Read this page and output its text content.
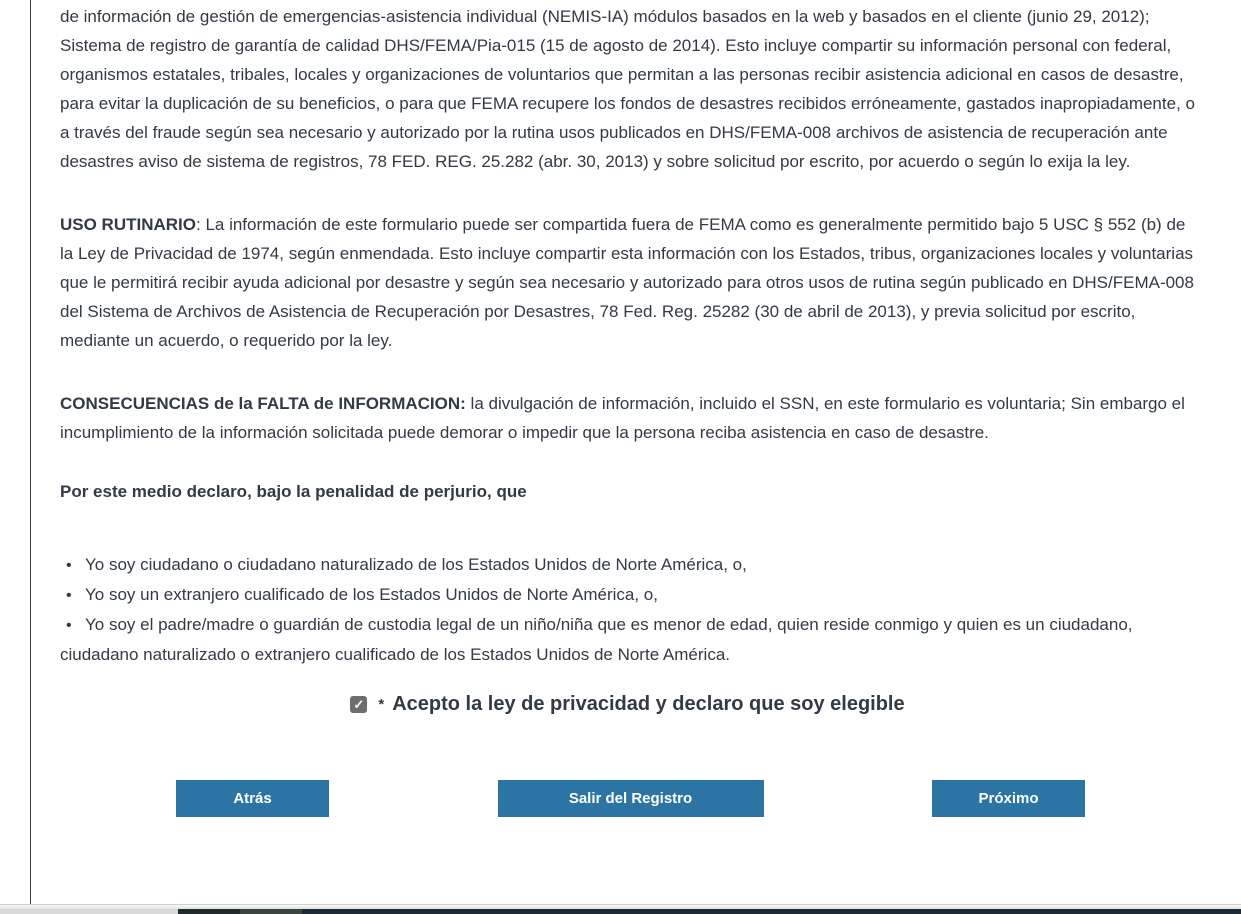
de información de gestión de emergencias-asistencia individual (NEMIS-IA) módulos basados en la web y basados en el cliente (junio 29, 2012); Sistema de registro de garantía de calidad DHS/FEMA/Pia-015 (15 de agosto de 2014). Esto incluye compartir su información personal con federal, organismos estatales, tribales, locales y organizaciones de voluntarios que permitan a las personas recibir asistencia adicional en casos de desastre, para evitar la duplicación de su beneficios, o para que FEMA recupere los fondos de desastres recibidos erróneamente, gastados inapropiadamente, o a través del fraude según sea necesario y autorizado por la rutina usos publicados en DHS/FEMA-008 archivos de asistencia de recuperación ante desastres aviso de sistema de registros, 78 FED. REG. 25.282 (abr. 30, 2013) y sobre solicitud por escrito, por acuerdo o según lo exija la ley.

USO RUTINARIO: La información de este formulario puede ser compartida fuera de FEMA como es generalmente permitido bajo 5 USC § 552 (b) de la Ley de Privacidad de 1974, según enmendada. Esto incluye compartir esta información con los Estados, tribus, organizaciones locales y voluntarias que le permitirá recibir ayuda adicional por desastre y según sea necesario y autorizado para otros usos de rutina según publicado en DHS/FEMA-008 del Sistema de Archivos de Asistencia de Recuperación por Desastres, 78 Fed. Reg. 25282 (30 de abril de 2013), y previa solicitud por escrito, mediante un acuerdo, o requerido por la ley.

CONSECUENCIAS de la FALTA de INFORMACION: la divulgación de información, incluido el SSN, en este formulario es voluntaria; Sin embargo el incumplimiento de la información solicitada puede demorar o impedir que la persona reciba asistencia en caso de desastre.

Por este medio declaro, bajo la penalidad de perjurio, que
• Yo soy ciudadano o ciudadano naturalizado de los Estados Unidos de Norte América, o,
• Yo soy un extranjero cualificado de los Estados Unidos de Norte América, o,
• Yo soy el padre/madre o guardián de custodia legal de un niño/niña que es menor de edad, quien reside conmigo y quien es un ciudadano, ciudadano naturalizado o extranjero cualificado de los Estados Unidos de Norte América.
✓ * Acepto la ley de privacidad y declaro que soy elegible
Atrás	Salir del Registro	Próximo
